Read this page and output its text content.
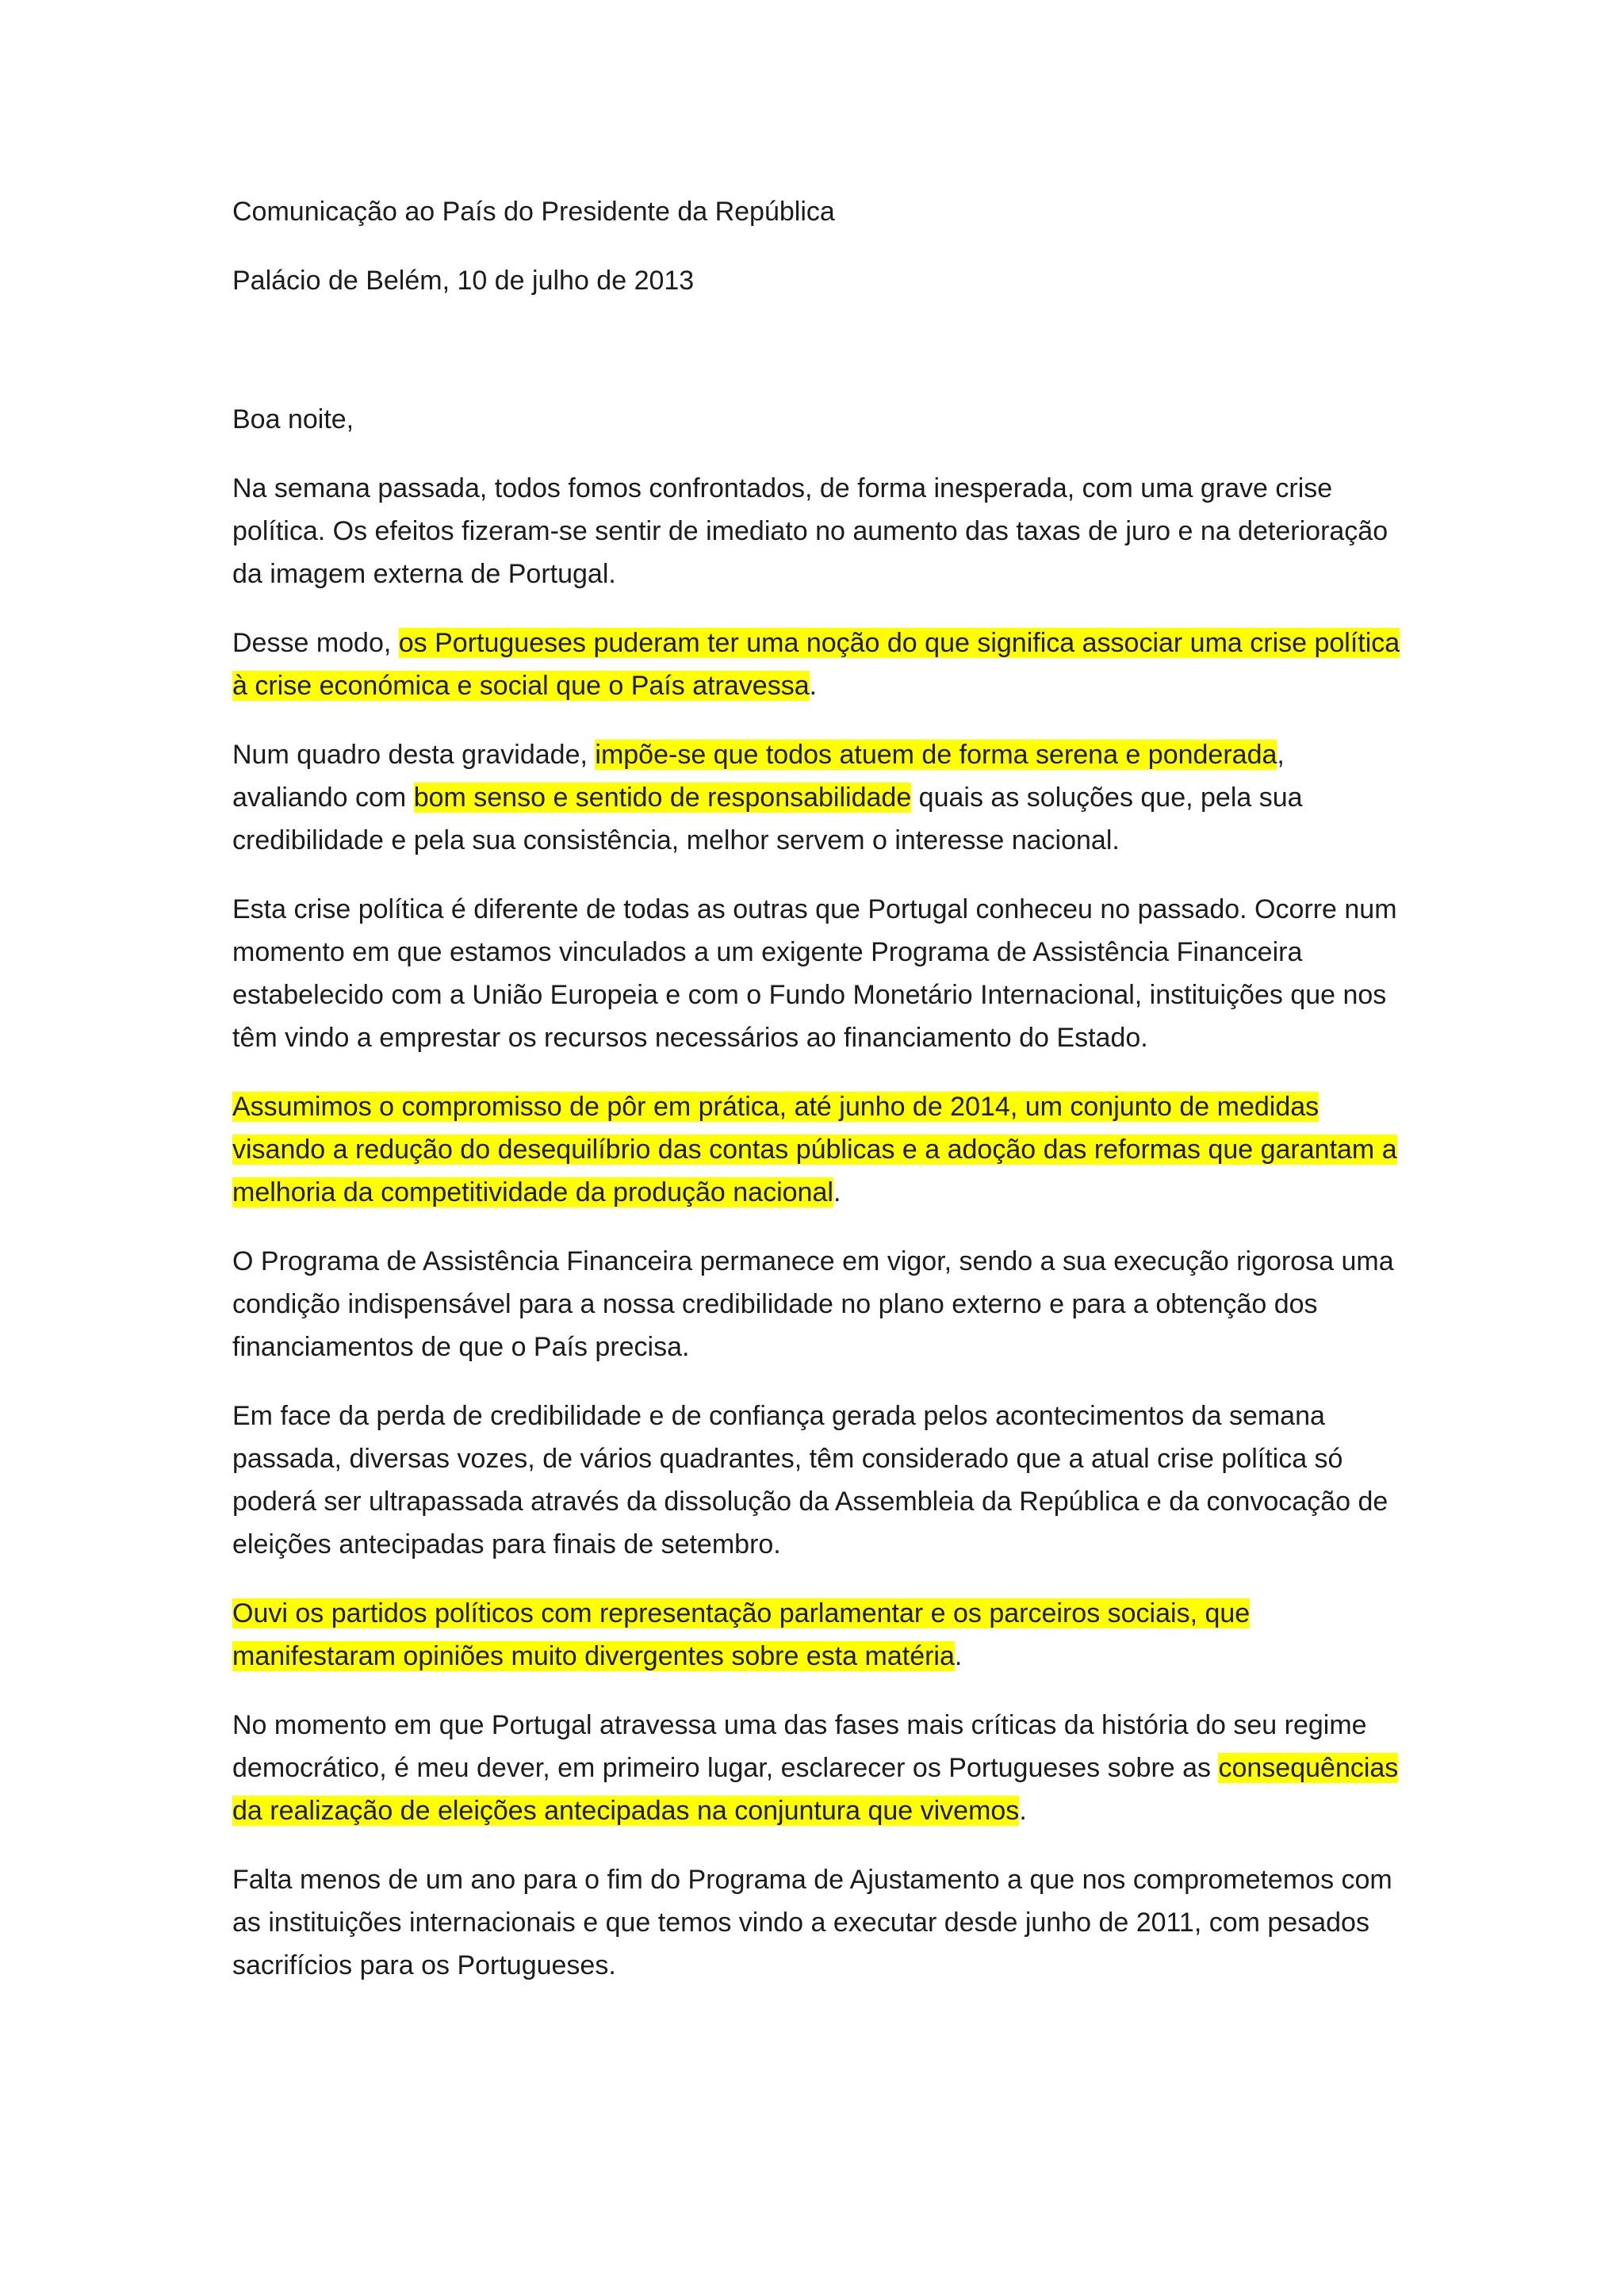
Comunicação ao País do Presidente da República

Palácio de Belém, 10 de julho de 2013

Boa noite,

Na semana passada, todos fomos confrontados, de forma inesperada, com uma grave crise política. Os efeitos fizeram-se sentir de imediato no aumento das taxas de juro e na deterioração da imagem externa de Portugal.

Desse modo, os Portugueses puderam ter uma noção do que significa associar uma crise política à crise económica e social que o País atravessa.

Num quadro desta gravidade, impõe-se que todos atuem de forma serena e ponderada, avaliando com bom senso e sentido de responsabilidade quais as soluções que, pela sua credibilidade e pela sua consistência, melhor servem o interesse nacional.

Esta crise política é diferente de todas as outras que Portugal conheceu no passado. Ocorre num momento em que estamos vinculados a um exigente Programa de Assistência Financeira estabelecido com a União Europeia e com o Fundo Monetário Internacional, instituições que nos têm vindo a emprestar os recursos necessários ao financiamento do Estado.

Assumimos o compromisso de pôr em prática, até junho de 2014, um conjunto de medidas visando a redução do desequilíbrio das contas públicas e a adoção das reformas que garantam a melhoria da competitividade da produção nacional.

O Programa de Assistência Financeira permanece em vigor, sendo a sua execução rigorosa uma condição indispensável para a nossa credibilidade no plano externo e para a obtenção dos financiamentos de que o País precisa.

Em face da perda de credibilidade e de confiança gerada pelos acontecimentos da semana passada, diversas vozes, de vários quadrantes, têm considerado que a atual crise política só poderá ser ultrapassada através da dissolução da Assembleia da República e da convocação de eleições antecipadas para finais de setembro.

Ouvi os partidos políticos com representação parlamentar e os parceiros sociais, que manifestaram opiniões muito divergentes sobre esta matéria.

No momento em que Portugal atravessa uma das fases mais críticas da história do seu regime democrático, é meu dever, em primeiro lugar, esclarecer os Portugueses sobre as consequências da realização de eleições antecipadas na conjuntura que vivemos.

Falta menos de um ano para o fim do Programa de Ajustamento a que nos comprometemos com as instituições internacionais e que temos vindo a executar desde junho de 2011, com pesados sacrifícios para os Portugueses.
